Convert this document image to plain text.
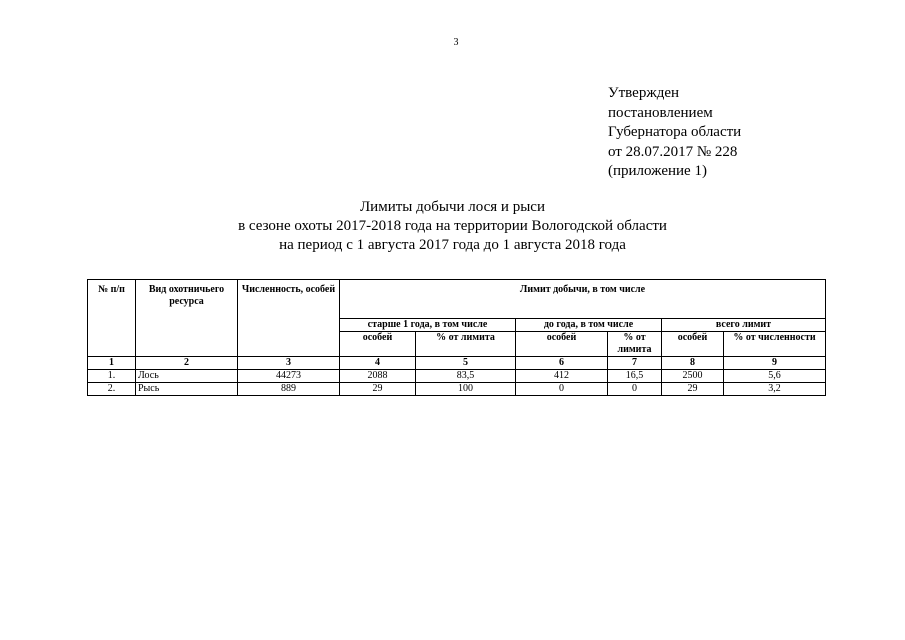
3
Утвержден
постановлением
Губернатора области
от 28.07.2017 № 228
(приложение 1)
Лимиты добычи лося и рыси
в сезоне охоты 2017-2018 года на территории Вологодской области
на период с 1 августа 2017 года до 1 августа 2018 года
№ п/п	Вид охотничьего ресурса	Численность, особей	Лимит добычи, в том числе					
			старше 1 года, в том числе		до года, в том числе		всего лимит	
			особей	% от лимита	особей	% от лимита	особей	% от численности
1	2	3	4	5	6	7	8	9
1.	Лось	44273	2088	83,5	412	16,5	2500	5,6
2.	Рысь	889	29	100	0	0	29	3,2
